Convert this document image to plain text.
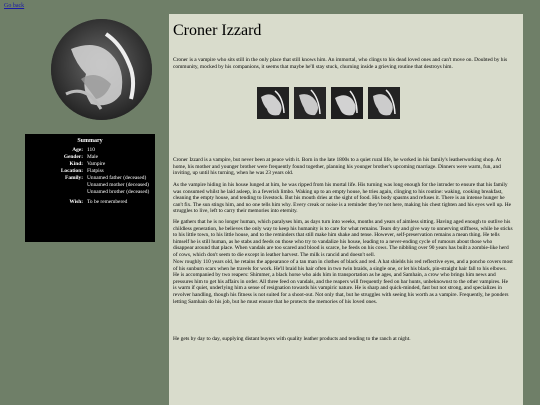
Go back
Summary
Age: 110
Gender: Male
Kind: Vampire
Location: Flatpiss
Family: Unnamed father (deceased)
Unnamed mother (deceased)
Unnamed brother (deceased)
Wish: To be remembered
Croner Izzard

Croner is a vampire who sits still in the only place that still knows him. An immortal, who clings to his dead loved ones and can't move on. Doubted by his community, mocked by his companions, it seems that maybe he'll stay stuck, churning inside a grieving routine that destroys him.

Croner Izzard is a vampire, but never been at peace with it. Born in the late 1800s to a quiet rural life, he worked in his family's leatherworking shop. At home, his mother and younger brother were frequently found together, planning his younger brother's upcoming marriage. Dinners were warm, fun, and inviting, up until his turning, when he was 23 years old.

As the vampire hiding in his house lunged at him, he was ripped from his mortal life. His turning was long enough for the intruder to ensure that his family was consumed whilst he laid asleep, in a feverish limbo. Waking up to an empty house, he tries again, clinging to his routine: waking, cooking breakfast, cleaning the empty house, and tending to livestock. But his mouth dries at the sight of food. His body spasms and refuses it. There is an intense hunger he can't fix. The sun stings him, and no one tells him why. Every creak or noise is a reminder they're not here, making his chest tighten and his eyes well up. He struggles to live, left to carry their memories into eternity.

He gathers that he is no longer human, which paralyses him, as days turn into weeks, months and years of aimless sitting. Having aged enough to outlive his childless generation, he believes the only way to keep his humanity is to care for what remains. Tears dry and give way to unnerving stiffness, while he sticks to his little town, to his little house, and to the reminders that still make him shake and tense. However, self-preservation remains a mean thing. He tells himself he is still human, as he stabs and feeds on those who try to vandalize his house, leading to a never-ending cycle of rumours about those who disappear around that place. When vandals are too scared and blood is scarce, he feeds on his cows. The nibbling over 90 years has built a zombie-like herd of cows, which don't seem to die except in leather harvest. The milk is rancid and doesn't sell.

Now roughly 110 years old, he retains the appearance of a tan man in clothes of black and red. A hat shields his red reflective eyes, and a poncho covers most of his sunburn scars when he travels for work. He'll braid his hair often in two twin braids, a single one, or let his black, pin-straight hair fall to his elbows. He is accompanied by two reapers: Shimmer, a black horse who aids him in transportation as he ages, and Samhain, a crow who brings him news and pressures him to get his affairs in order. All three feed on vandals, and the reapers will frequently feed on bar hunts, unbeknownst to the other vampires. He is warm if quiet, underlying him a sense of resignation towards his vampiric nature. He is sharp and quick-minded, fast but not strong, and specializes in revolver handling, though his fitness is not suited for a shoot-out. Not only that, but he struggles with seeing his worth as a vampire. Frequently, he ponders letting Samhain do his job, but he must ensure that he protects the memories of his loved ones.

He gets by day to day, supplying distant buyers with quality leather products and tending to the ranch at night.
